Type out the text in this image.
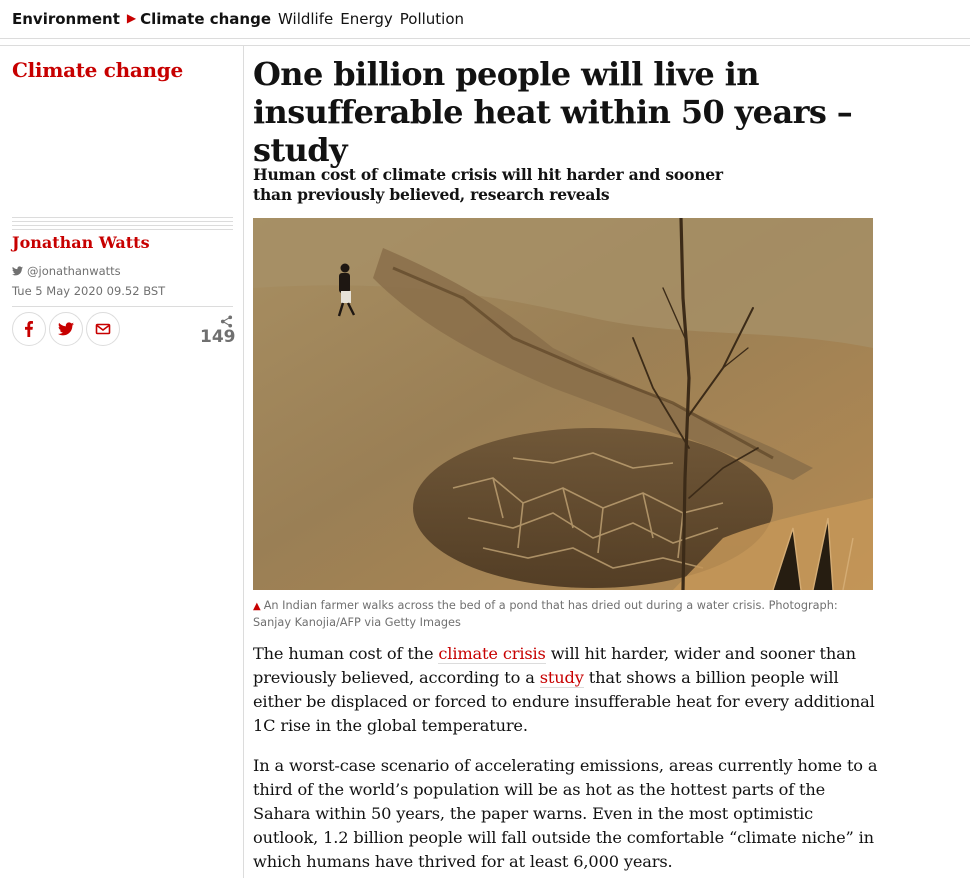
Environment ▶ Climate change Wildlife Energy Pollution
Climate change
Jonathan Watts
@jonathanwatts
Tue 5 May 2020 09.52 BST
149
One billion people will live in insufferable heat within 50 years – study
Human cost of climate crisis will hit harder and sooner than previously believed, research reveals
▲ An Indian farmer walks across the bed of a pond that has dried out during a water crisis. Photograph: Sanjay Kanojia/AFP via Getty Images

The human cost of the climate crisis will hit harder, wider and sooner than previously believed, according to a study that shows a billion people will either be displaced or forced to endure insufferable heat for every additional 1C rise in the global temperature.

In a worst-case scenario of accelerating emissions, areas currently home to a third of the world’s population will be as hot as the hottest parts of the Sahara within 50 years, the paper warns. Even in the most optimistic outlook, 1.2 billion people will fall outside the comfortable “climate niche” in which humans have thrived for at least 6,000 years.
